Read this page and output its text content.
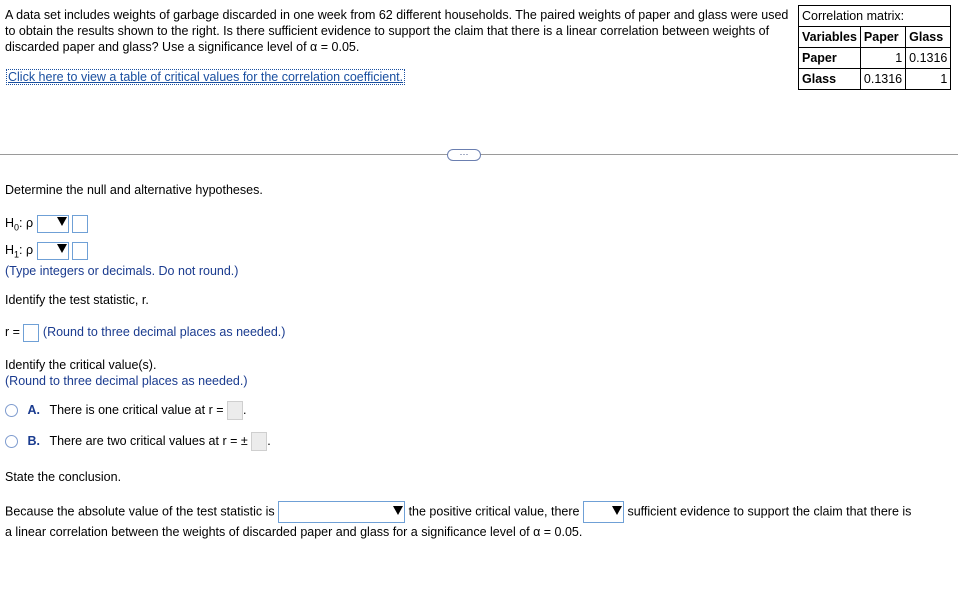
A data set includes weights of garbage discarded in one week from 62 different households. The paired weights of paper and glass were used to obtain the results shown to the right. Is there sufficient evidence to support the claim that there is a linear correlation between weights of discarded paper and glass? Use a significance level of α = 0.05.
Click here to view a table of critical values for the correlation coefficient.
Correlation matrix:		
Variables	Paper	Glass
Paper	1	0.1316
Glass	0.1316	1
···
Determine the null and alternative hypotheses.
$H_0$: ρ

$H_1$: ρ

(Type integers or decimals. Do not round.)
Identify the test statistic, r.
r = (Round to three decimal places as needed.)
Identify the critical value(s).
(Round to three decimal places as needed.)
A. There is one critical value at r = .
B. There are two critical values at r = ± .
State the conclusion.
Because the absolute value of the test statistic is	the positive critical value, there	sufficient evidence to support the claim that there is
a linear correlation between the weights of discarded paper and glass for a significance level of α = 0.05.
